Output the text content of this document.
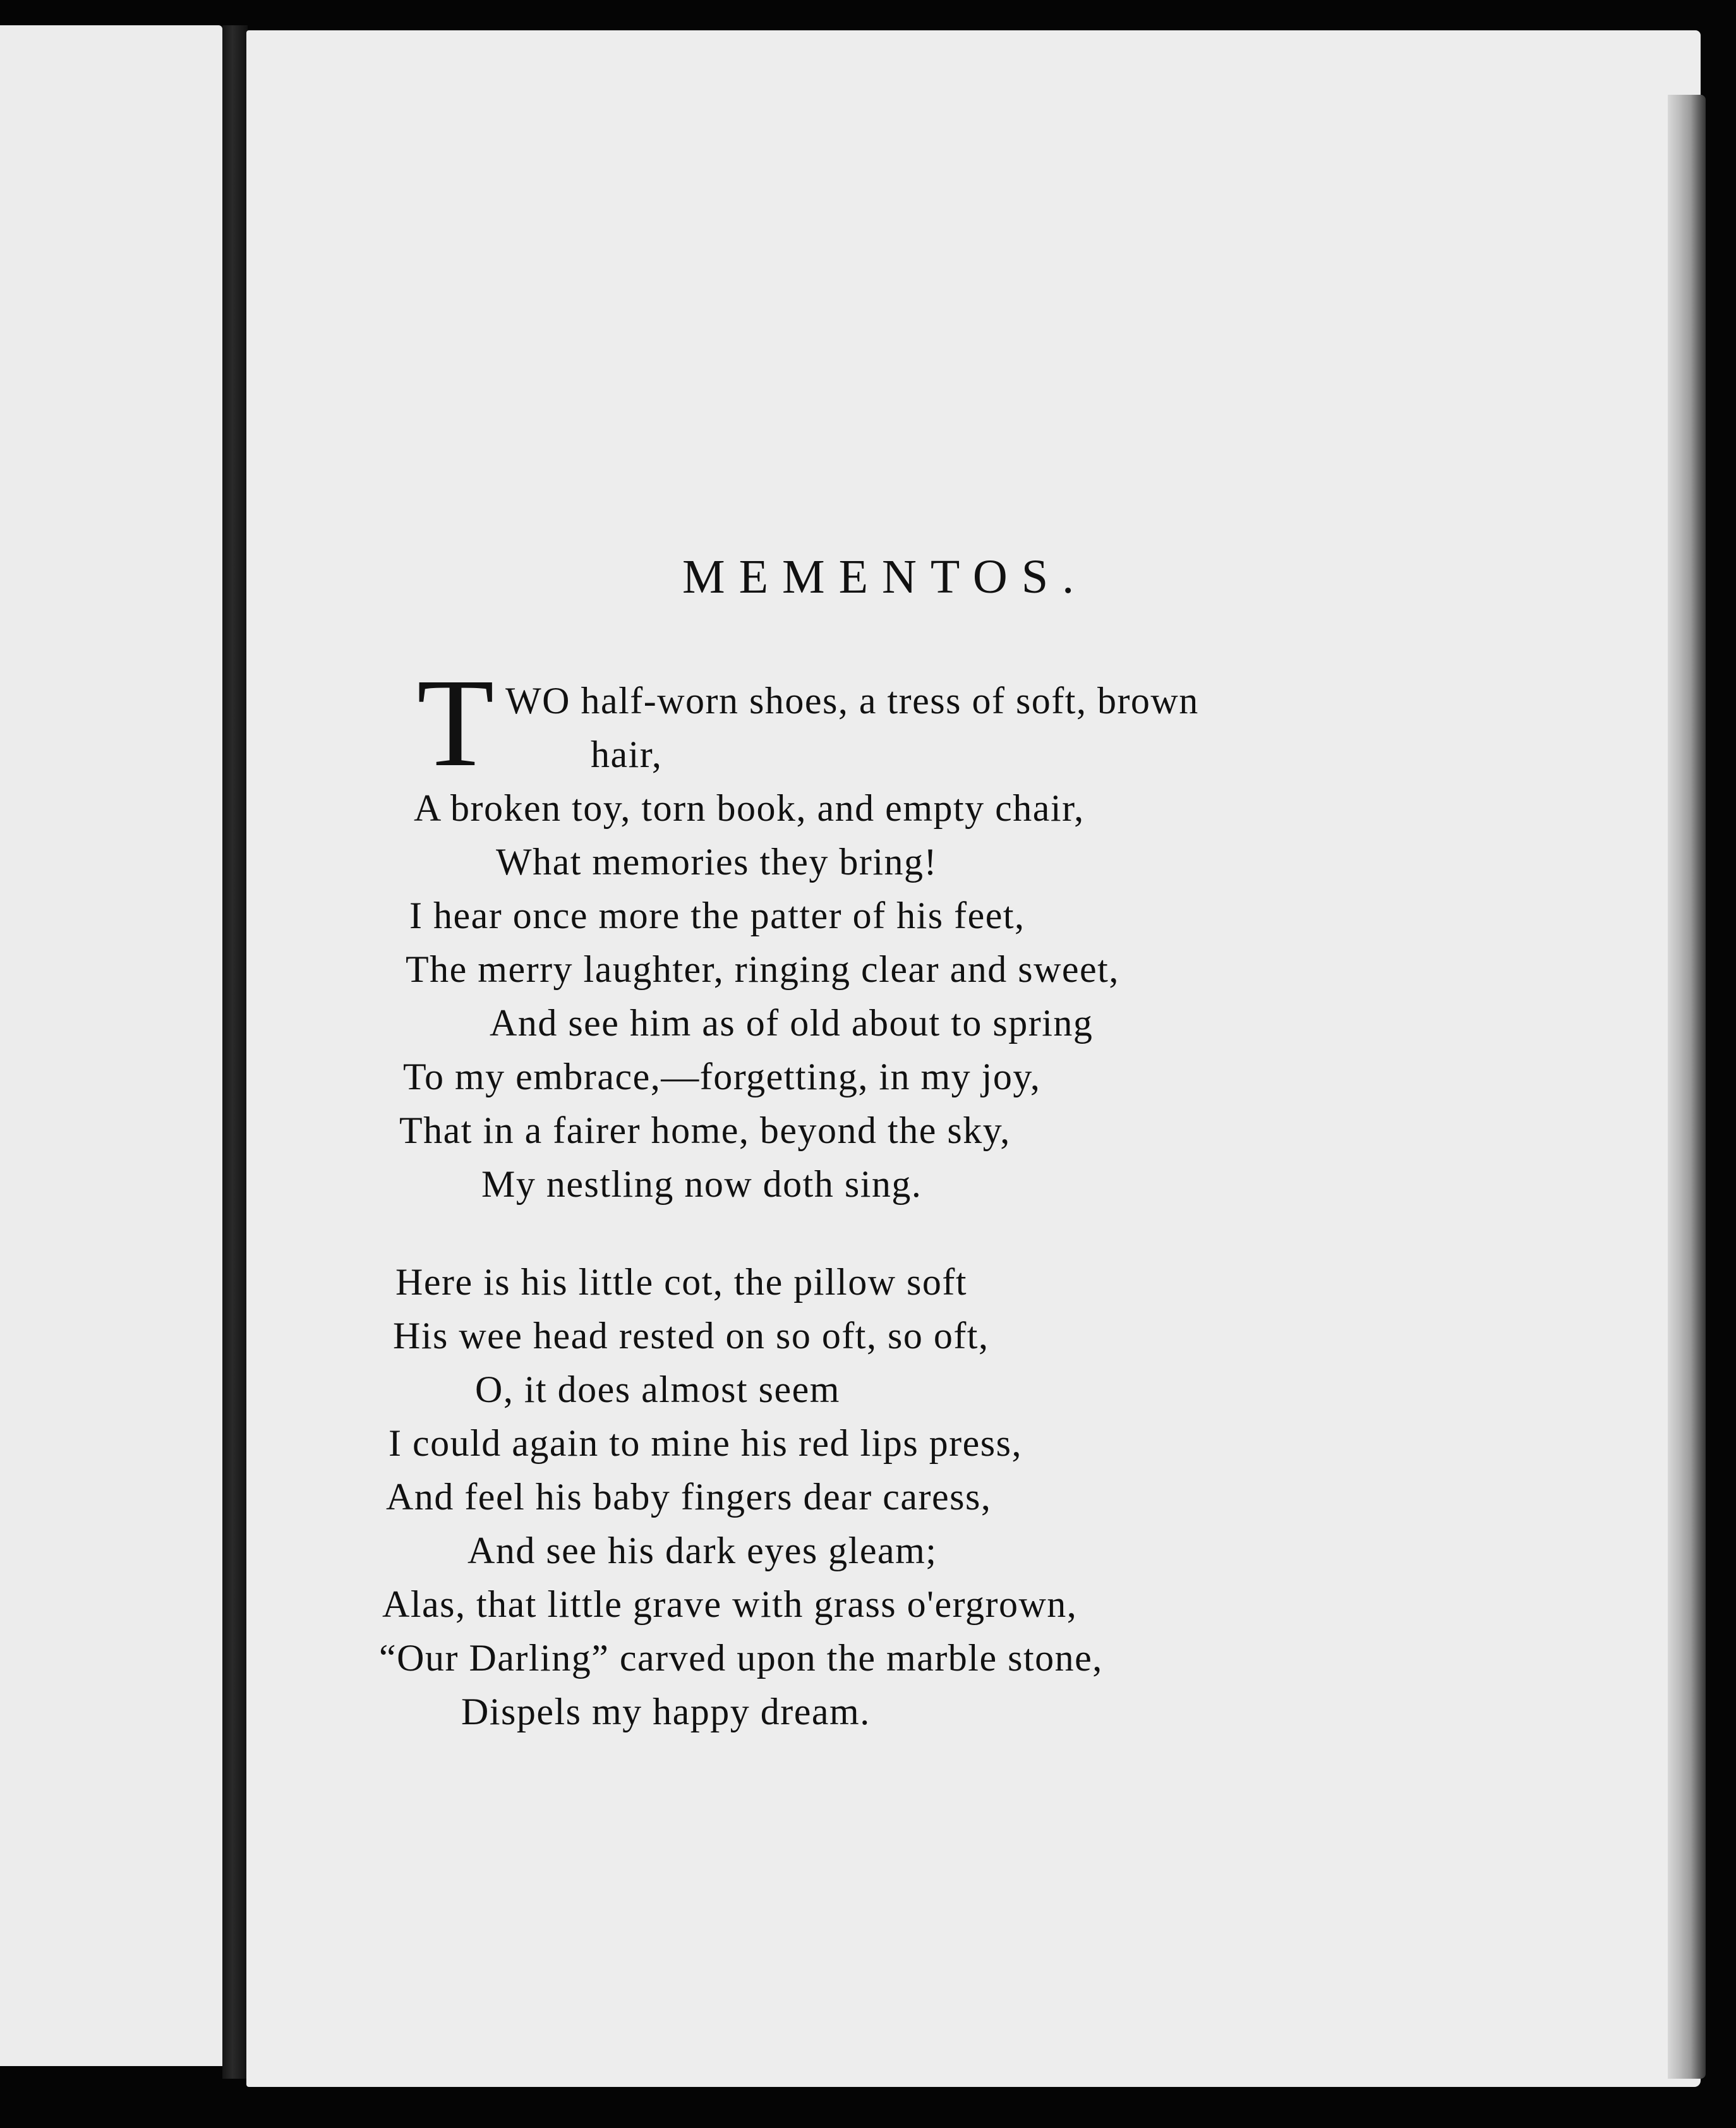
MEMENTOS.
T WO half-worn shoes, a tress of soft, brown
hair,
A broken toy, torn book, and empty chair,
What memories they bring!
I hear once more the patter of his feet,
The merry laughter, ringing clear and sweet,
And see him as of old about to spring
To my embrace,—forgetting, in my joy,
That in a fairer home, beyond the sky,
My nestling now doth sing.
Here is his little cot, the pillow soft
His wee head rested on so oft, so oft,
O, it does almost seem
I could again to mine his red lips press,
And feel his baby fingers dear caress,
And see his dark eyes gleam;
Alas, that little grave with grass o'ergrown,
“Our Darling” carved upon the marble stone,
Dispels my happy dream.
